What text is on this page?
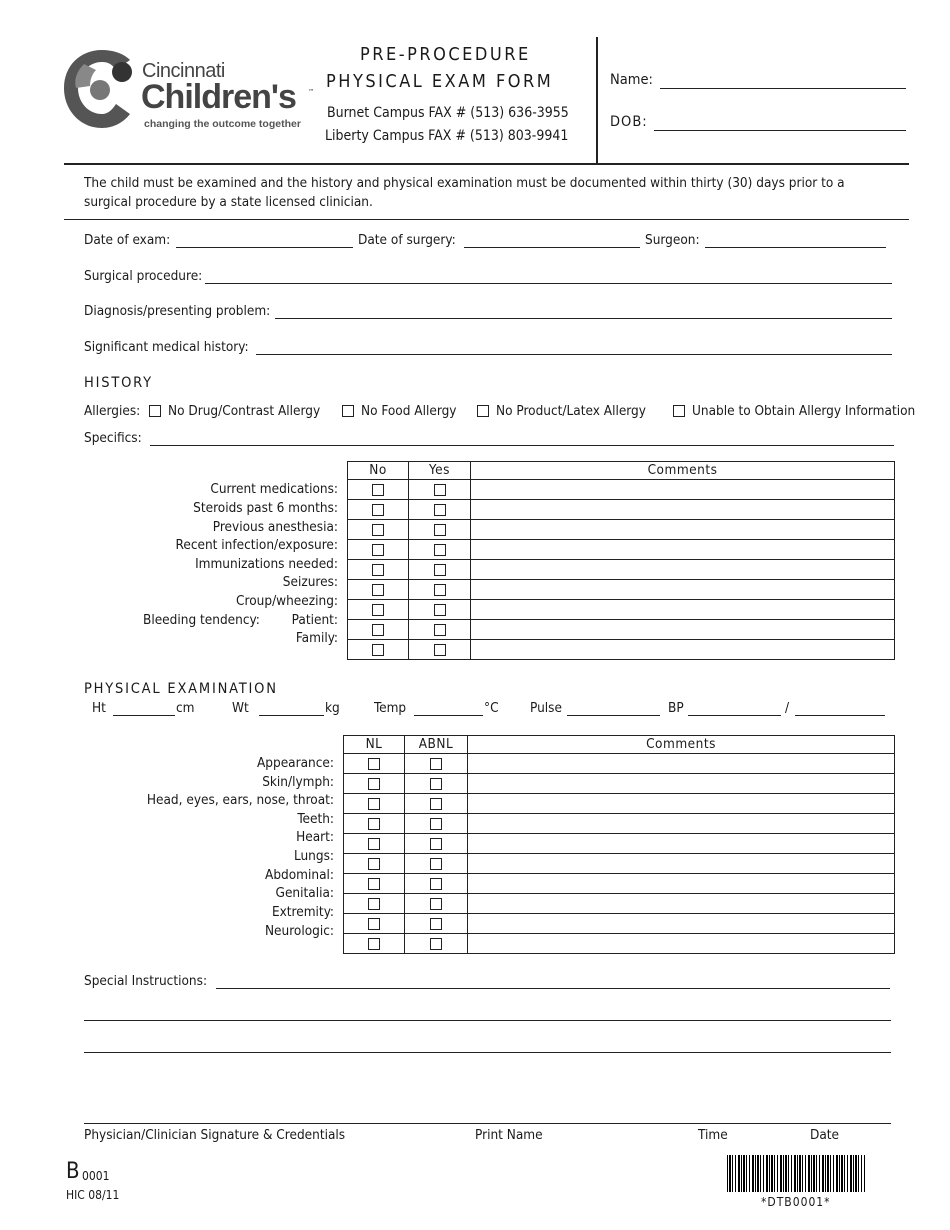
Cincinnati
Children's ™
changing the outcome together
PRE-PROCEDURE
PHYSICAL EXAM FORM
Burnet Campus FAX # (513) 636-3955
Liberty Campus FAX # (513) 803-9941
Name:
DOB:
The child must be examined and the history and physical examination must be documented within thirty (30) days prior to a
surgical procedure by a state licensed clinician.
Date of exam:	Date of surgery:	Surgeon:
Surgical procedure:
Diagnosis/presenting problem:
Significant medical history:
HISTORY
Allergies: No Drug/Contrast Allergy	No Food Allergy	No Product/Latex Allergy	Unable to Obtain Allergy Information
Specifics:
No	Yes	Comments

Current medications:
Steroids past 6 months:
Previous anesthesia:
Recent infection/exposure:
Immunizations needed:
Seizures:
Croup/wheezing:
Bleeding tendency: Patient:
Family:
PHYSICAL EXAMINATION
Ht	cm	Wt	kg	Temp	°C Pulse	BP	/
NL	ABNL	Comments

Appearance:
Skin/lymph:
Head, eyes, ears, nose, throat:
Teeth:
Heart:
Lungs:
Abdominal:
Genitalia:
Extremity:
Neurologic:
Special Instructions:
Physician/Clinician Signature & Credentials	Print Name	Time	Date
B 0001
HIC 08/11	*DTB0001*
